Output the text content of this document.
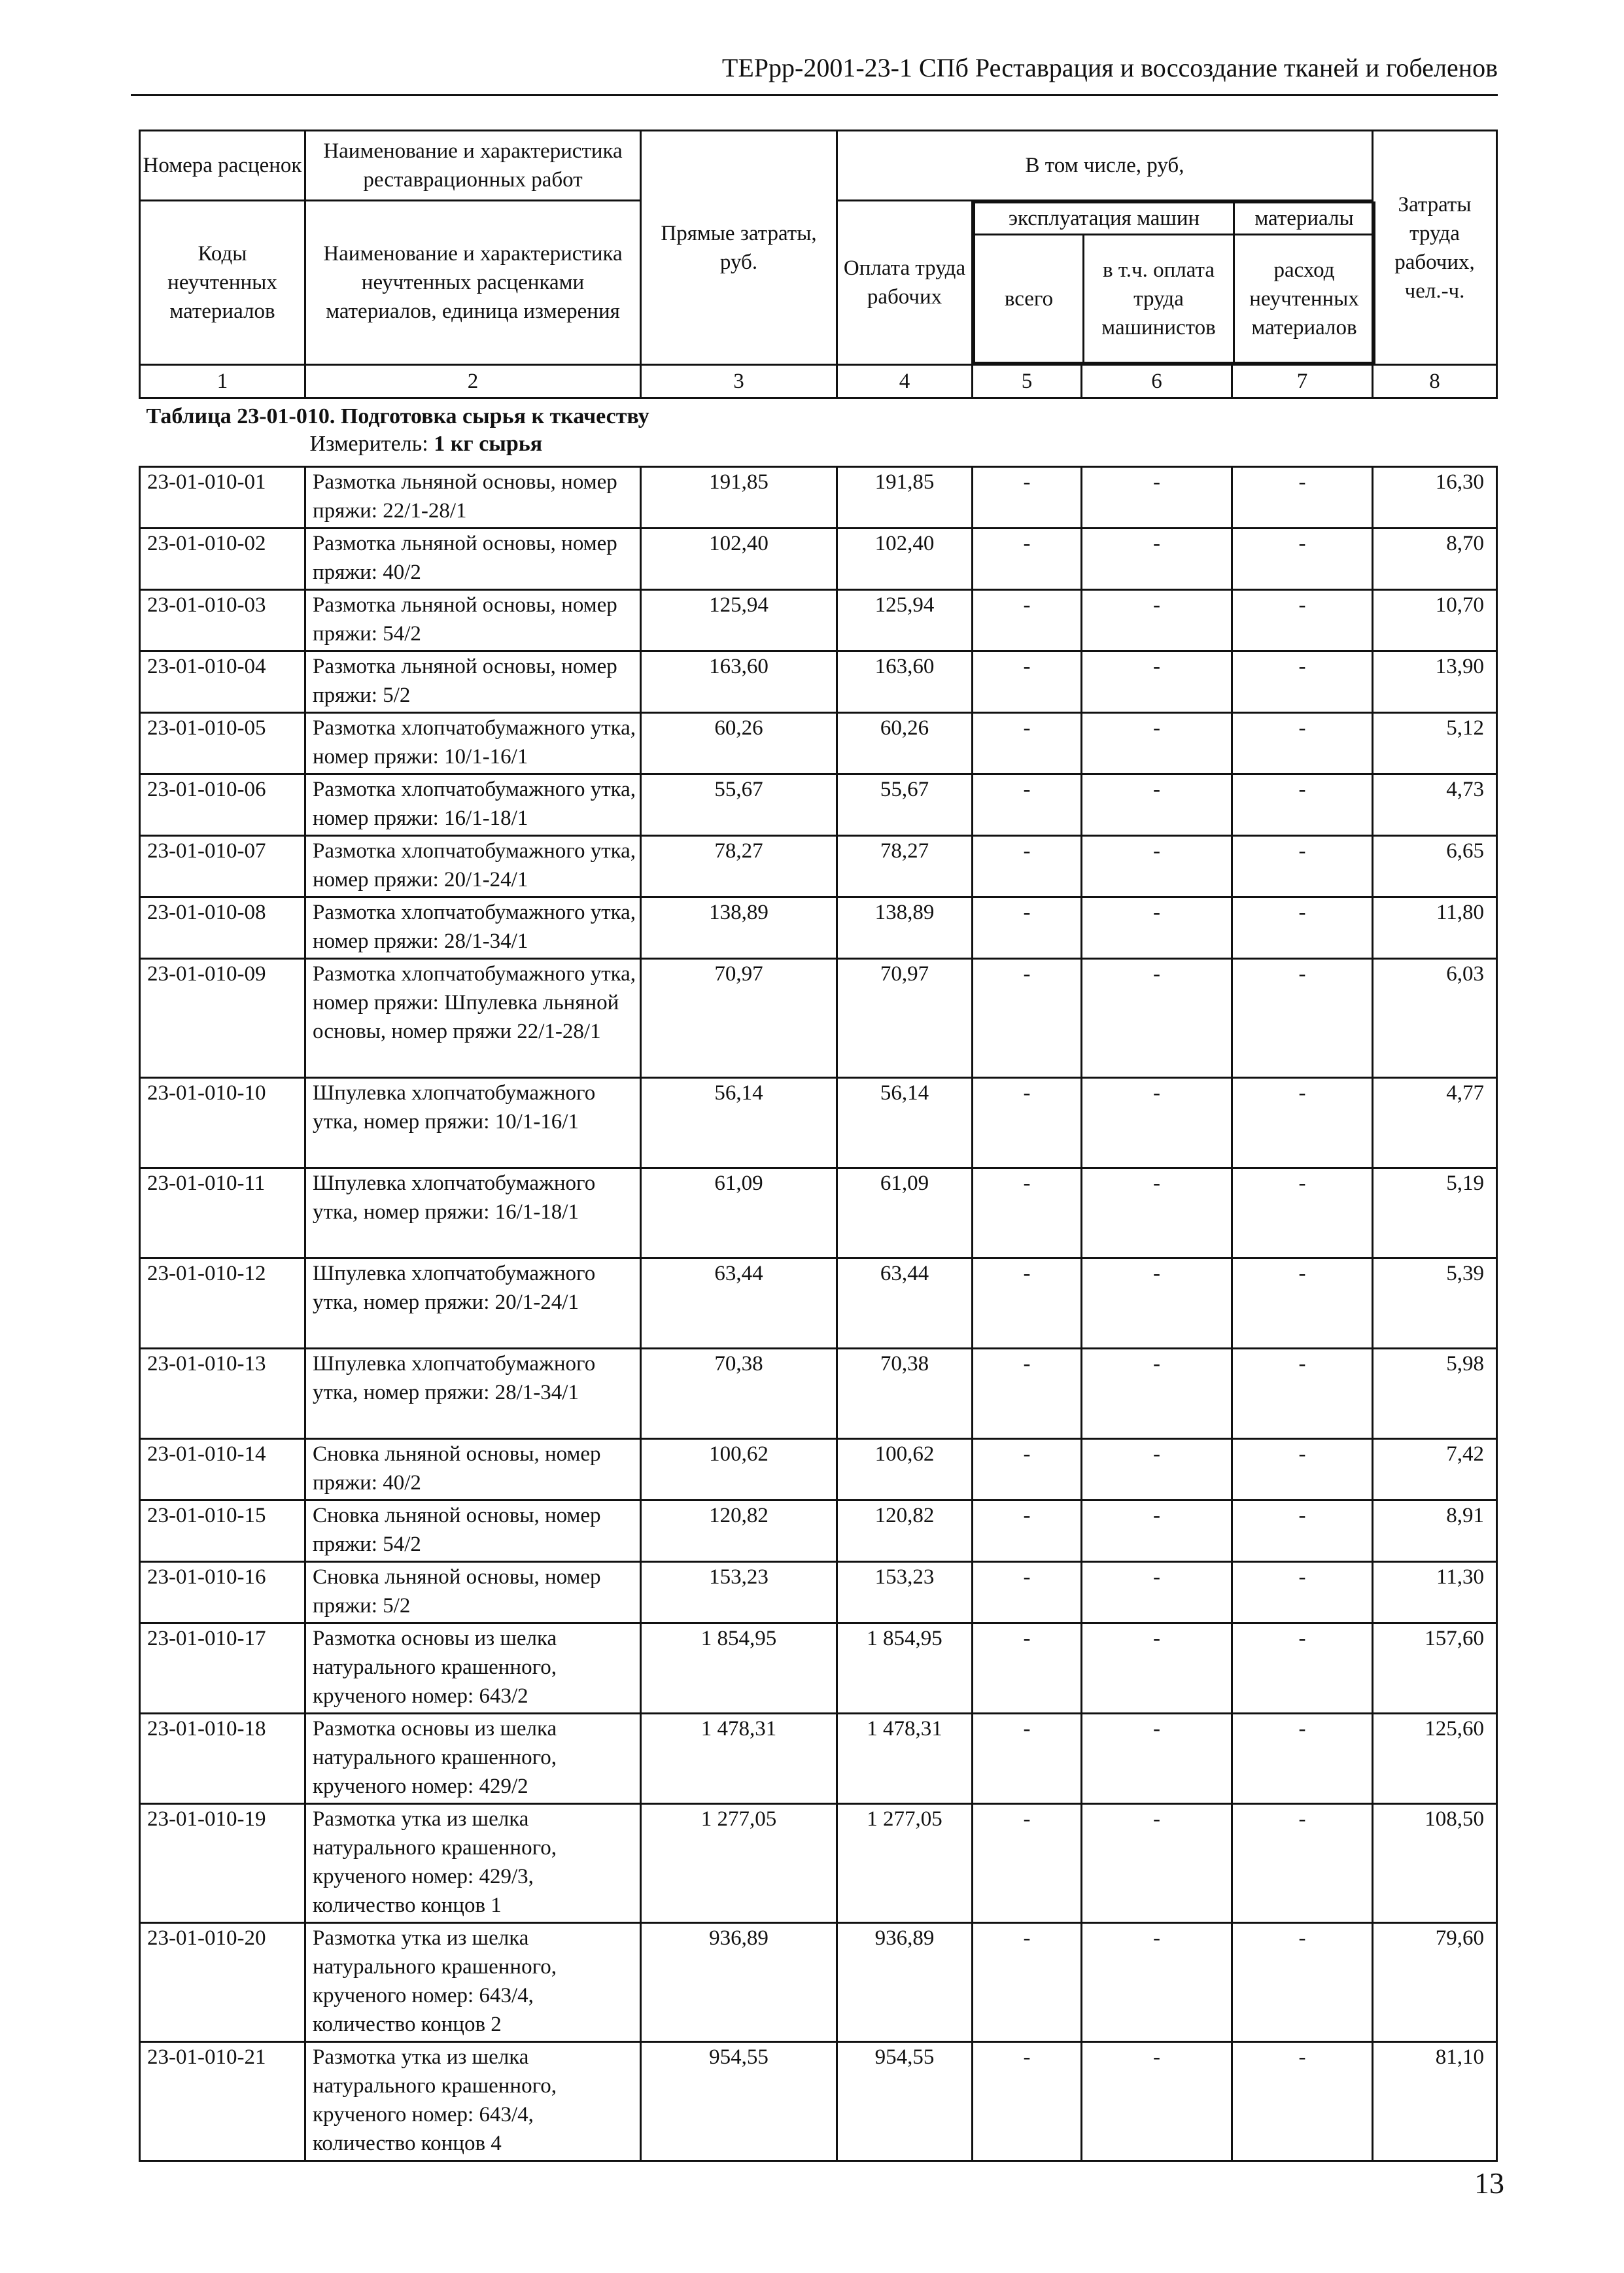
ТЕРрр-2001-23-1 СПб Реставрация и воссоздание тканей и гобеленов
Номера расценок	Наименование и характеристика реставрационных работ	Прямые затраты, руб.	В том числе, руб,	Затраты труда рабочих, чел.-ч.
Коды неучтенных материалов	Наименование и характеристика неучтенных расценками материалов, единица измерения	Оплата труда рабочих	
эксплуатация машин	материалы
всего	в т.ч. оплата труда машинистов	расход неучтенных материалов

1	2	3	4	5	6	7	8

Таблица 23-01-010. Подготовка сырья к ткачеству
Измеритель: 1 кг сырья

23-01-010-01	Размотка льняной основы, номер пряжи: 22/1-28/1	191,85	191,85	-	-	-	16,30
23-01-010-02	Размотка льняной основы, номер пряжи: 40/2	102,40	102,40	-	-	-	8,70
23-01-010-03	Размотка льняной основы, номер пряжи: 54/2	125,94	125,94	-	-	-	10,70
23-01-010-04	Размотка льняной основы, номер пряжи: 5/2	163,60	163,60	-	-	-	13,90
23-01-010-05	Размотка хлопчатобумажного утка, номер пряжи: 10/1-16/1	60,26	60,26	-	-	-	5,12
23-01-010-06	Размотка хлопчатобумажного утка, номер пряжи: 16/1-18/1	55,67	55,67	-	-	-	4,73
23-01-010-07	Размотка хлопчатобумажного утка, номер пряжи: 20/1-24/1	78,27	78,27	-	-	-	6,65
23-01-010-08	Размотка хлопчатобумажного утка, номер пряжи: 28/1-34/1	138,89	138,89	-	-	-	11,80
23-01-010-09	Размотка хлопчатобумажного утка, номер пряжи: Шпулевка льняной основы, номер пряжи 22/1-28/1	70,97	70,97	-	-	-	6,03
23-01-010-10	Шпулевка хлопчатобумажного утка, номер пряжи: 10/1-16/1	56,14	56,14	-	-	-	4,77
23-01-010-11	Шпулевка хлопчатобумажного утка, номер пряжи: 16/1-18/1	61,09	61,09	-	-	-	5,19
23-01-010-12	Шпулевка хлопчатобумажного утка, номер пряжи: 20/1-24/1	63,44	63,44	-	-	-	5,39
23-01-010-13	Шпулевка хлопчатобумажного утка, номер пряжи: 28/1-34/1	70,38	70,38	-	-	-	5,98
23-01-010-14	Сновка льняной основы, номер пряжи: 40/2	100,62	100,62	-	-	-	7,42
23-01-010-15	Сновка льняной основы, номер пряжи: 54/2	120,82	120,82	-	-	-	8,91
23-01-010-16	Сновка льняной основы, номер пряжи: 5/2	153,23	153,23	-	-	-	11,30
23-01-010-17	Размотка основы из шелка натурального крашенного, крученого номер: 643/2	1 854,95	1 854,95	-	-	-	157,60
23-01-010-18	Размотка основы из шелка натурального крашенного, крученого номер: 429/2	1 478,31	1 478,31	-	-	-	125,60
23-01-010-19	Размотка утка из шелка натурального крашенного, крученого номер: 429/3, количество концов 1	1 277,05	1 277,05	-	-	-	108,50
23-01-010-20	Размотка утка из шелка натурального крашенного, крученого номер: 643/4, количество концов 2	936,89	936,89	-	-	-	79,60
23-01-010-21	Размотка утка из шелка натурального крашенного, крученого номер: 643/4, количество концов 4	954,55	954,55	-	-	-	81,10
13
